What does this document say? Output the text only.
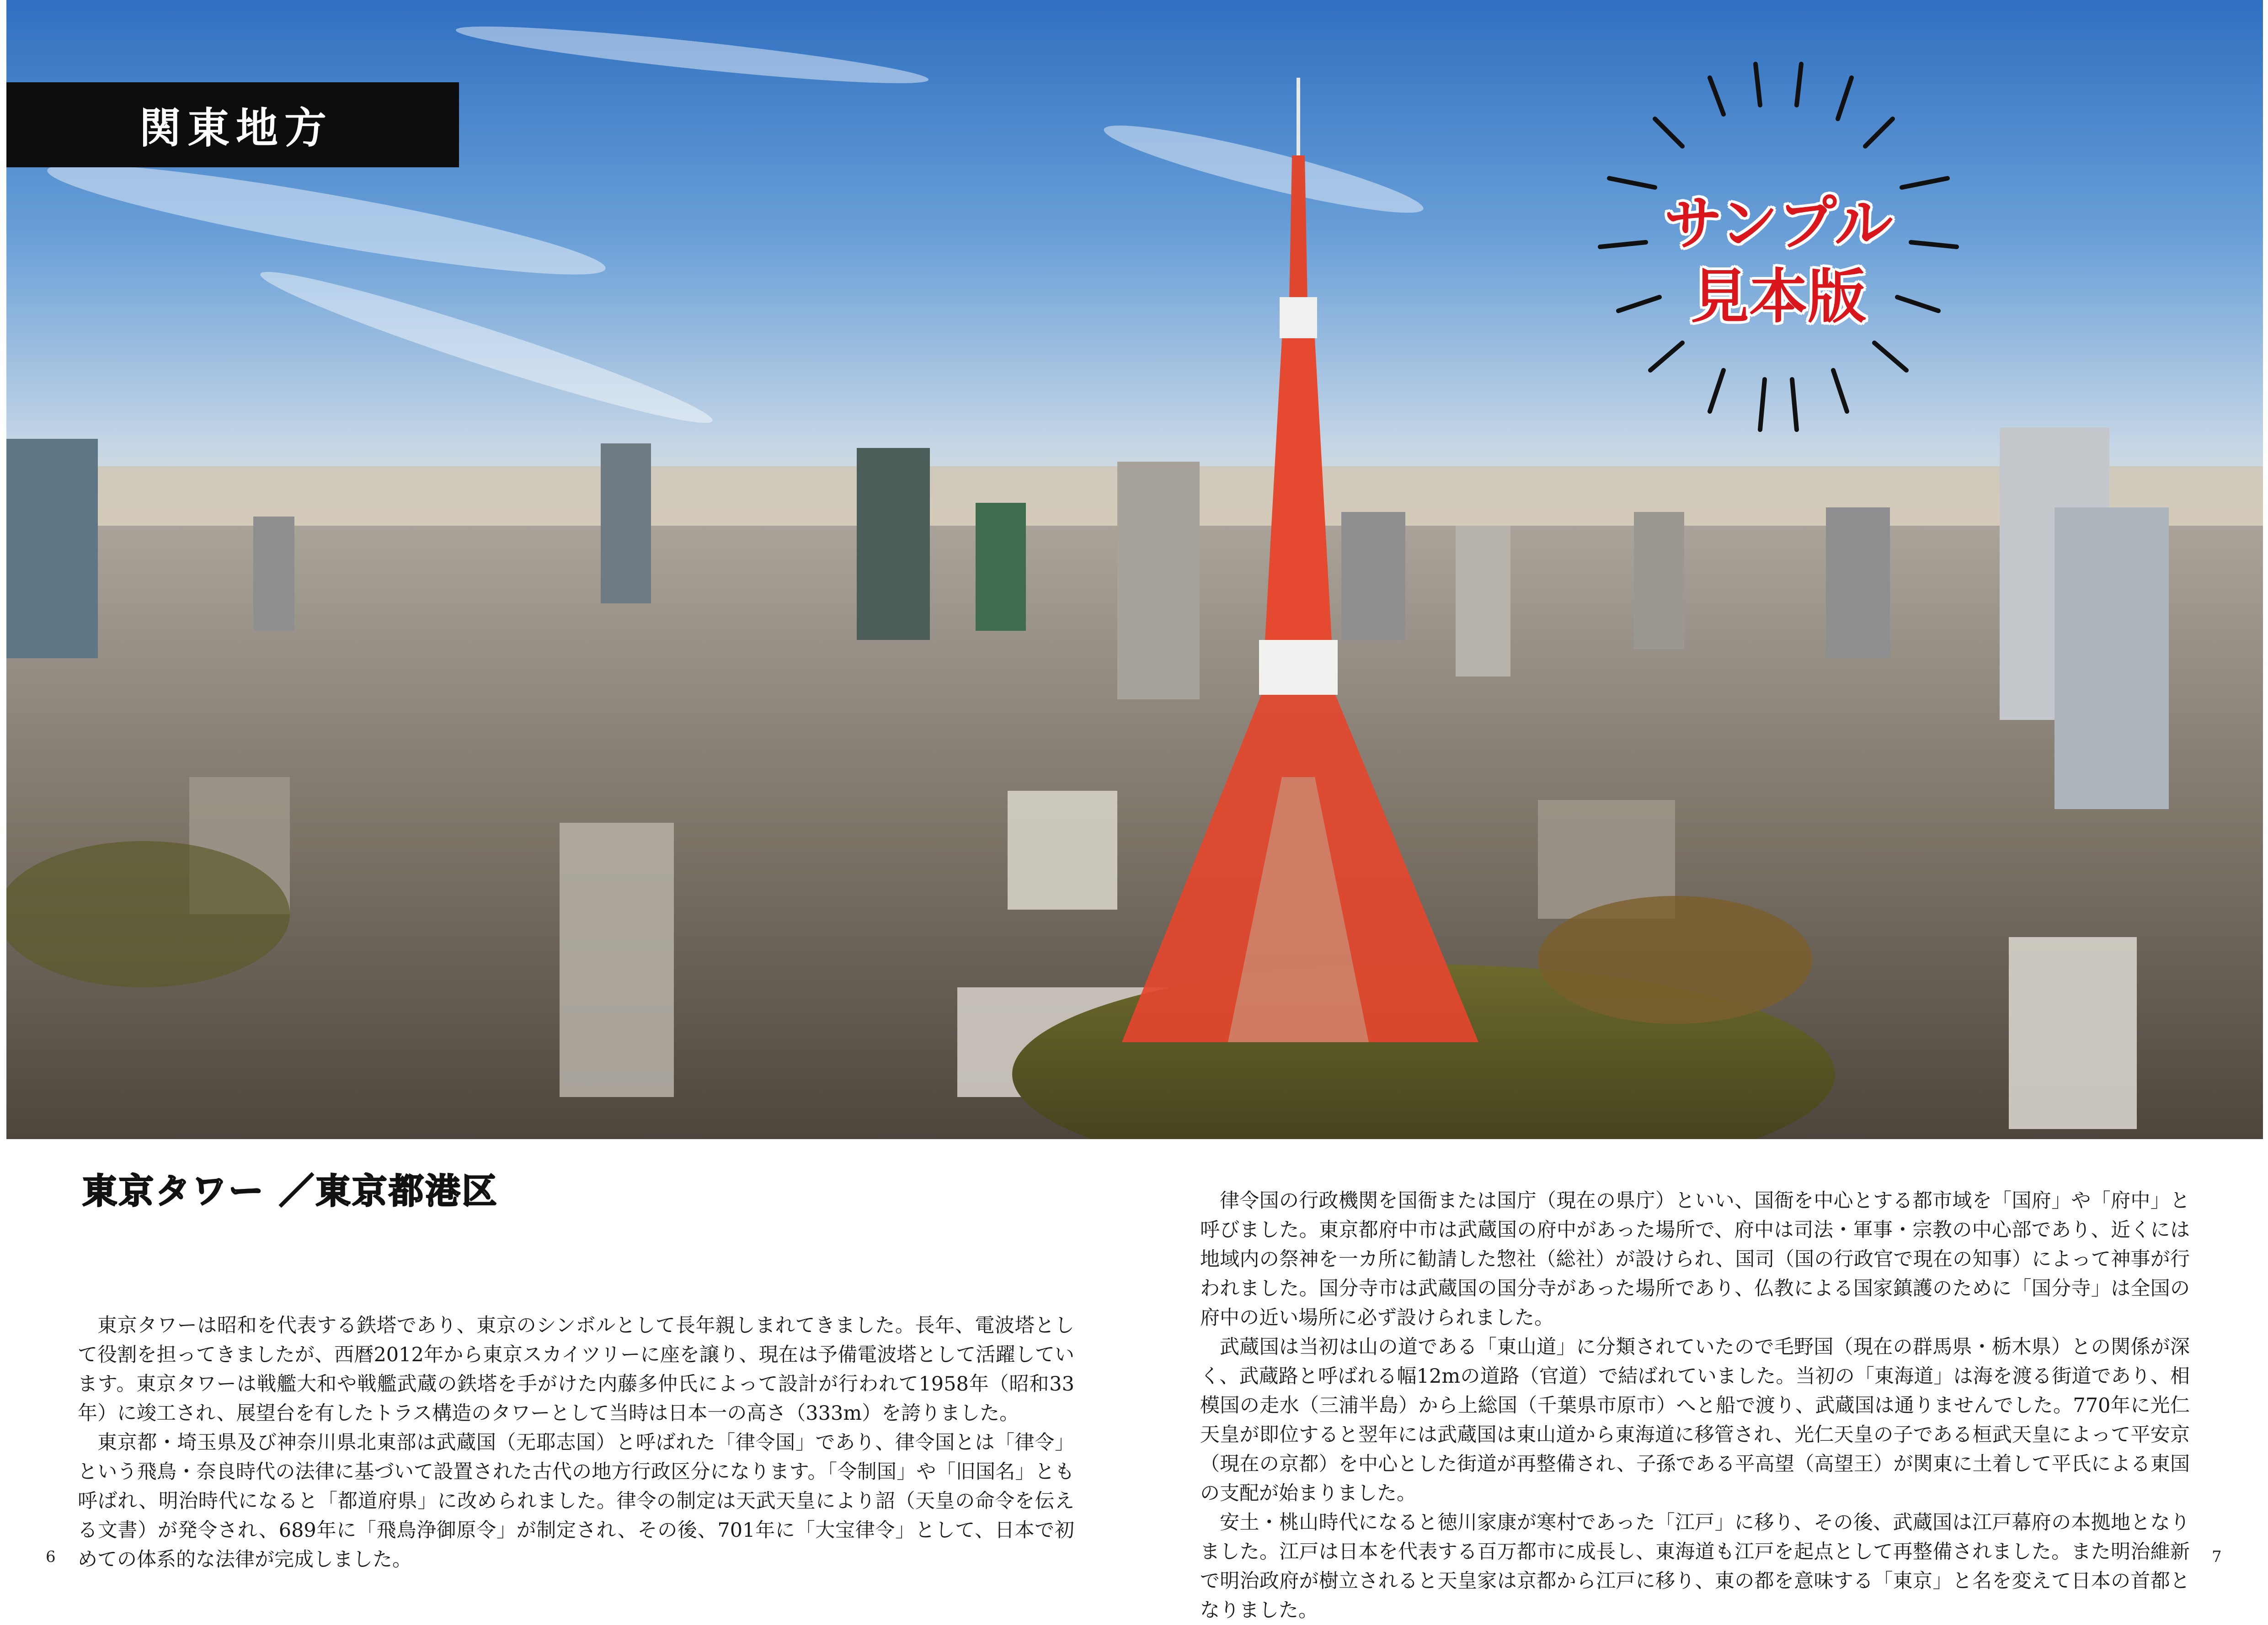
関東地方
サンプル
見本版
東京タワー ／東京都港区

東京タワーは昭和を代表する鉄塔であり、東京のシンボルとして長年親しまれてきました。長年、電波塔として役割を担ってきましたが、西暦2012年から東京スカイツリーに座を譲り、現在は予備電波塔として活躍しています。東京タワーは戦艦大和や戦艦武蔵の鉄塔を手がけた内藤多仲氏によって設計が行われて1958年（昭和33年）に竣工され、展望台を有したトラス構造のタワーとして当時は日本一の高さ（333m）を誇りました。

東京都・埼玉県及び神奈川県北東部は武蔵国（无耶志国）と呼ばれた「律令国」であり、律令国とは「律令」という飛鳥・奈良時代の法律に基づいて設置された古代の地方行政区分になります。「令制国」や「旧国名」とも呼ばれ、明治時代になると「都道府県」に改められました。律令の制定は天武天皇により詔（天皇の命令を伝える文書）が発令され、689年に「飛鳥浄御原令」が制定され、その後、701年に「大宝律令」として、日本で初めての体系的な法律が完成しました。

律令国の行政機関を国衙または国庁（現在の県庁）といい、国衙を中心とする都市域を「国府」や「府中」と呼びました。東京都府中市は武蔵国の府中があった場所で、府中は司法・軍事・宗教の中心部であり、近くには地域内の祭神を一カ所に勧請した惣社（総社）が設けられ、国司（国の行政官で現在の知事）によって神事が行われました。国分寺市は武蔵国の国分寺があった場所であり、仏教による国家鎮護のために「国分寺」は全国の府中の近い場所に必ず設けられました。

武蔵国は当初は山の道である「東山道」に分類されていたので毛野国（現在の群馬県・栃木県）との関係が深く、武蔵路と呼ばれる幅12mの道路（官道）で結ばれていました。当初の「東海道」は海を渡る街道であり、相模国の走水（三浦半島）から上総国（千葉県市原市）へと船で渡り、武蔵国は通りませんでした。770年に光仁天皇が即位すると翌年には武蔵国は東山道から東海道に移管され、光仁天皇の子である桓武天皇によって平安京（現在の京都）を中心とした街道が再整備され、子孫である平高望（高望王）が関東に土着して平氏による東国の支配が始まりました。

安土・桃山時代になると徳川家康が寒村であった「江戸」に移り、その後、武蔵国は江戸幕府の本拠地となりました。江戸は日本を代表する百万都市に成長し、東海道も江戸を起点として再整備されました。また明治維新で明治政府が樹立されると天皇家は京都から江戸に移り、東の都を意味する「東京」と名を変えて日本の首都となりました。

6	7
